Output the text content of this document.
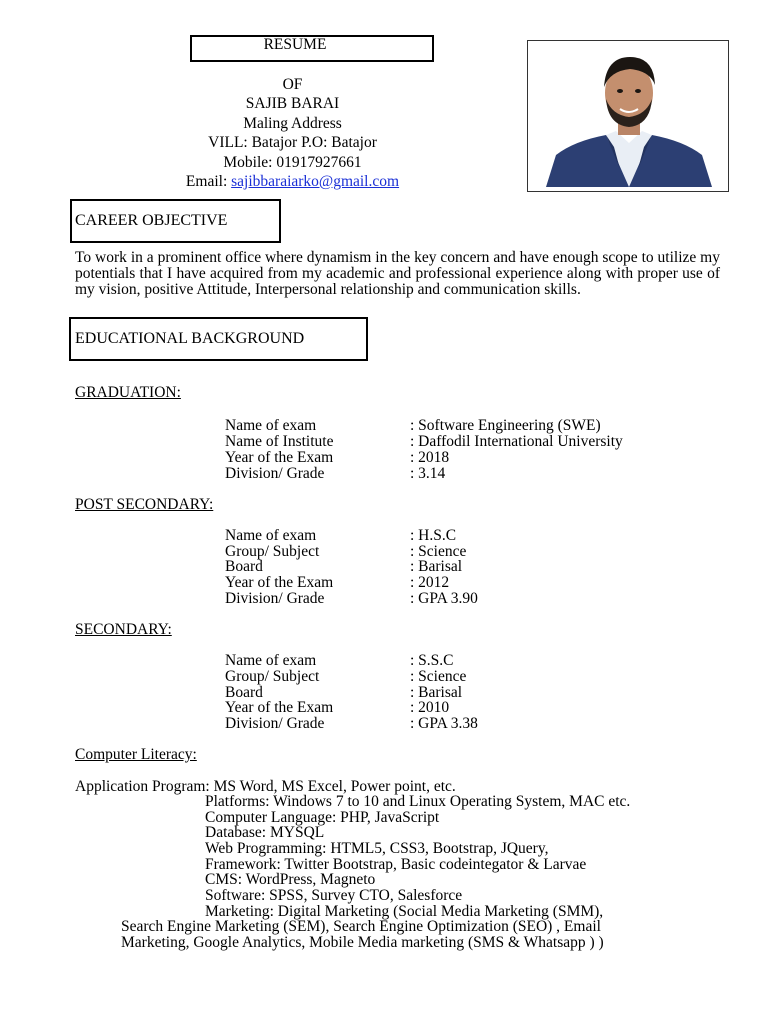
RESUME
OF
SAJIB BARAI
Maling Address
VILL: Batajor P.O: Batajor
Mobile: 01917927661
Email: sajibbaraiarko@gmail.com
CAREER OBJECTIVE
To work in a prominent office where dynamism in the key concern and have enough scope to utilize my potentials that I have acquired from my academic and professional experience along with proper use of my vision, positive Attitude, Interpersonal relationship and communication skills.
EDUCATIONAL BACKGROUND
GRADUATION:
Name of exam	: Software Engineering (SWE)
Name of Institute	: Daffodil International University
Year of the Exam	: 2018
Division/ Grade	: 3.14
POST SECONDARY:
Name of exam	: H.S.C
Group/ Subject	: Science
Board	: Barisal
Year of the Exam	: 2012
Division/ Grade	: GPA 3.90
SECONDARY:
Name of exam	: S.S.C
Group/ Subject	: Science
Board	: Barisal
Year of the Exam	: 2010
Division/ Grade	: GPA 3.38
Computer Literacy:
Application Program: MS Word, MS Excel, Power point, etc.
Platforms: Windows 7 to 10 and Linux Operating System, MAC etc.
Computer Language: PHP, JavaScript
Database: MYSQL
Web Programming: HTML5, CSS3, Bootstrap, JQuery,
Framework: Twitter Bootstrap, Basic codeintegator & Larvae
CMS: WordPress, Magneto
Software: SPSS, Survey CTO, Salesforce
Marketing: Digital Marketing (Social Media Marketing (SMM),
Search Engine Marketing (SEM), Search Engine Optimization (SEO) , Email
Marketing, Google Analytics, Mobile Media marketing (SMS & Whatsapp ) )
